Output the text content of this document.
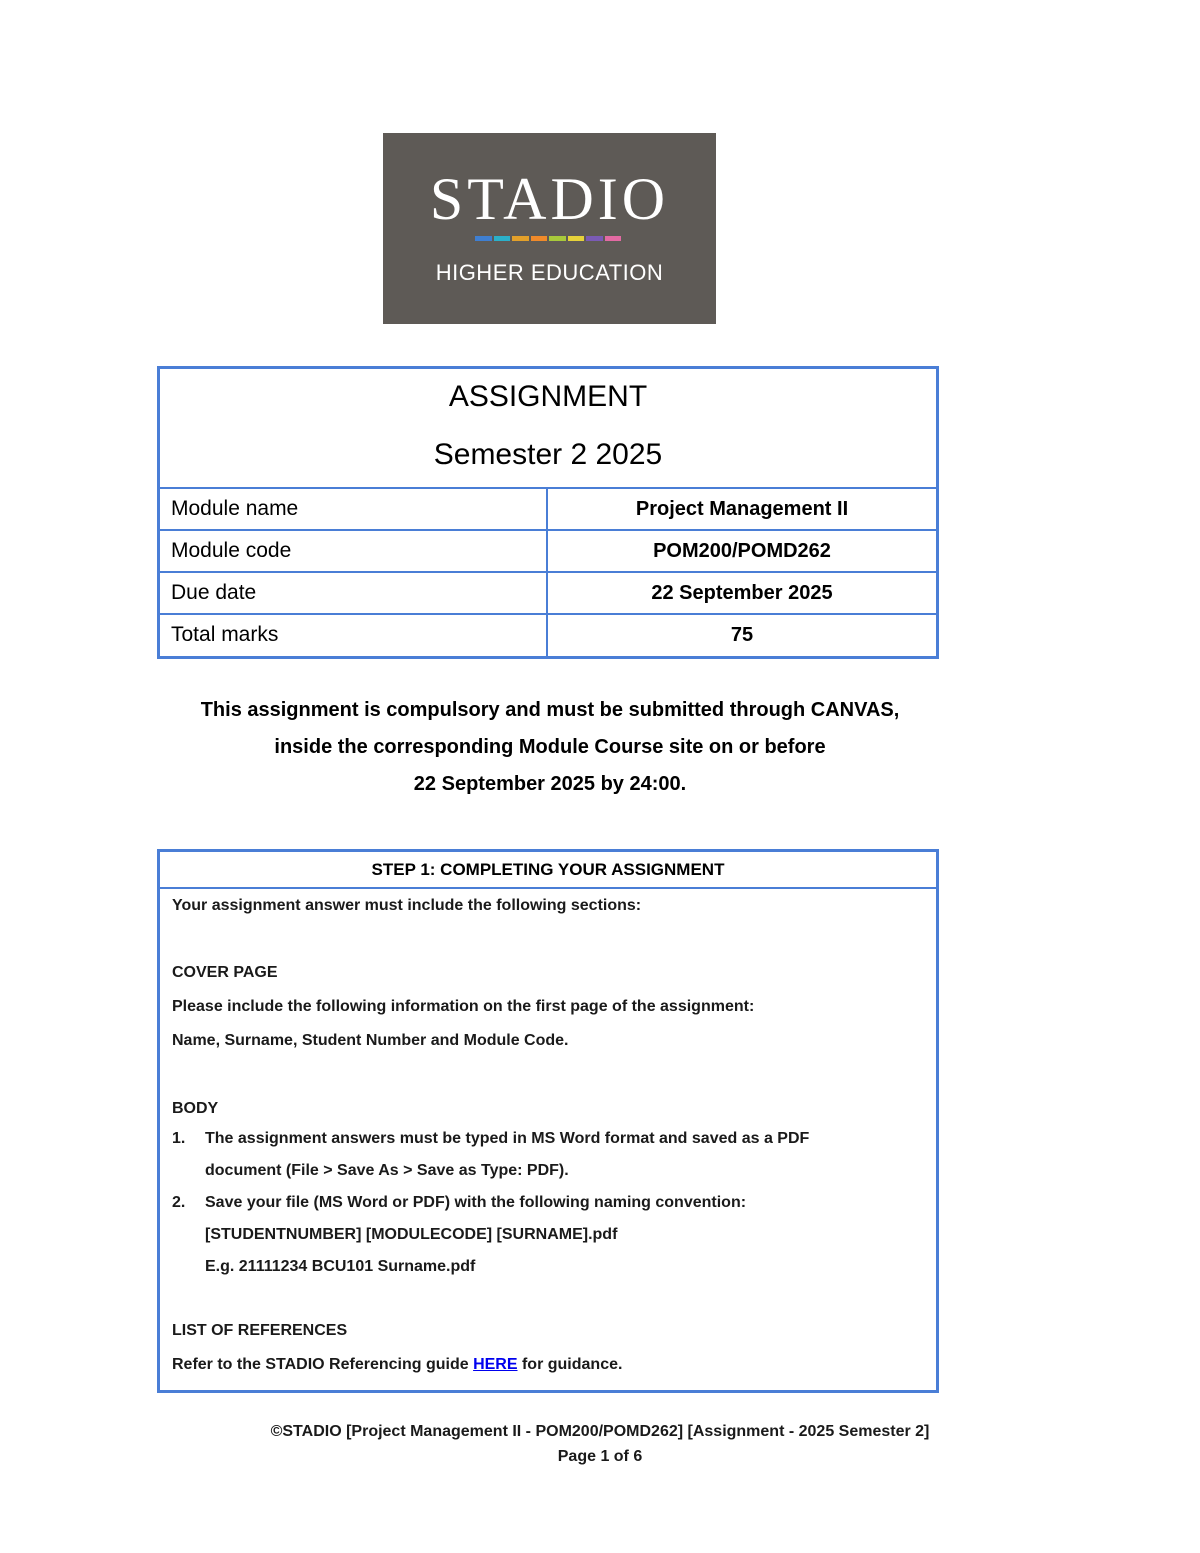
STADIO
HIGHER EDUCATION
ASSIGNMENT
Semester 2 2025
Module name	Project Management II
Module code	POM200/POMD262
Due date	22 September 2025
Total marks	75
This assignment is compulsory and must be submitted through CANVAS,
inside the corresponding Module Course site on or before
22 September 2025 by 24:00.
STEP 1: COMPLETING YOUR ASSIGNMENT
Your assignment answer must include the following sections:
COVER PAGE
Please include the following information on the first page of the assignment:
Name, Surname, Student Number and Module Code.
BODY
1.	The assignment answers must be typed in MS Word format and saved as a PDF
document (File > Save As > Save as Type: PDF).
2.	Save your file (MS Word or PDF) with the following naming convention:
[STUDENTNUMBER] [MODULECODE] [SURNAME].pdf
E.g. 21111234 BCU101 Surname.pdf
LIST OF REFERENCES
Refer to the STADIO Referencing guide HERE for guidance.
©STADIO [Project Management II - POM200/POMD262] [Assignment - 2025 Semester 2]
Page 1 of 6
